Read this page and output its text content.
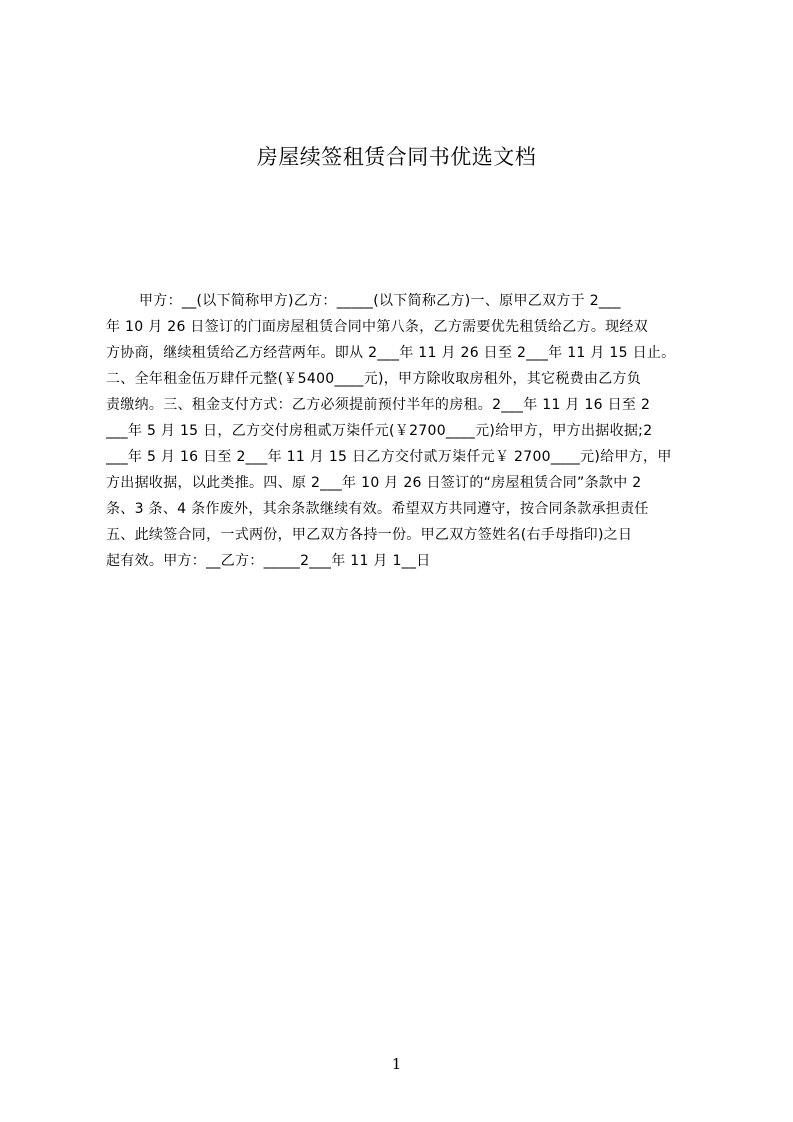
房屋续签租赁合同书优选文档
甲方：__(以下简称甲方)乙方：_____(以下简称乙方)一、原甲乙双方于 2___
年 10 月 26 日签订的门面房屋租赁合同中第八条，乙方需要优先租赁给乙方。现经双
方协商，继续租赁给乙方经营两年。即从 2___年 11 月 26 日至 2___年 11 月 15 日止。
二、全年租金伍万肆仟元整(￥5400____元)，甲方除收取房租外，其它税费由乙方负
责缴纳。三、租金支付方式：乙方必须提前预付半年的房租。2___年 11 月 16 日至 2
___年 5 月 15 日，乙方交付房租贰万柒仟元(￥2700____元)给甲方，甲方出据收据;2
___年 5 月 16 日至 2___年 11 月 15 日乙方交付贰万柒仟元￥ 2700____元)给甲方，甲
方出据收据，以此类推。四、原 2___年 10 月 26 日签订的“房屋租赁合同”条款中 2
条、3 条、4 条作废外，其余条款继续有效。希望双方共同遵守，按合同条款承担责任
五、此续签合同，一式两份，甲乙双方各持一份。甲乙双方签姓名(右手母指印)之日
起有效。甲方：__乙方：_____2___年 11 月 1__日
1
